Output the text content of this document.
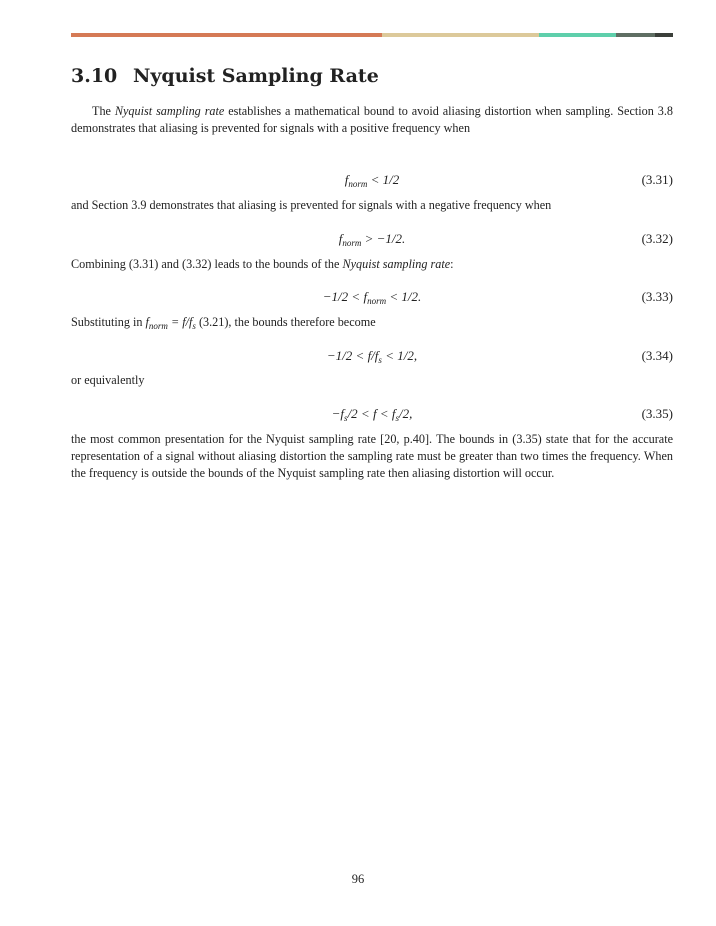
3.10 Nyquist Sampling Rate
The Nyquist sampling rate establishes a mathematical bound to avoid aliasing distortion when sampling. Section 3.8 demonstrates that aliasing is prevented for signals with a positive frequency when
$f_{norm} < 1/2$	(3.31)
and Section 3.9 demonstrates that aliasing is prevented for signals with a negative frequency when
$f_{norm} > -1/2$.	(3.32)
Combining (3.31) and (3.32) leads to the bounds of the Nyquist sampling rate:
$-1/2 < f_{norm} < 1/2$.	(3.33)
Substituting in $f_{norm} = f/f_s$ (3.21), the bounds therefore become
$-1/2 < f/f_s < 1/2$,	(3.34)
or equivalently
$-f_s/2 < f < f_s/2$,	(3.35)
the most common presentation for the Nyquist sampling rate [20, p.40]. The bounds in (3.35) state that for the accurate representation of a signal without aliasing distortion the sampling rate must be greater than two times the frequency. When the frequency is outside the bounds of the Nyquist sampling rate then aliasing distortion will occur.
96
